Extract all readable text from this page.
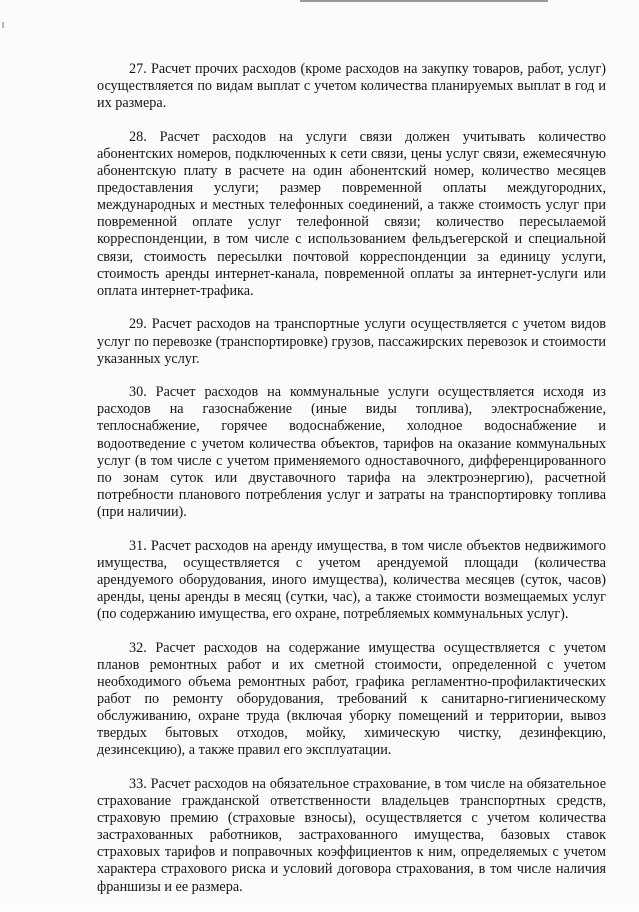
27. Расчет прочих расходов (кроме расходов на закупку товаров, работ, услуг) осуществляется по видам выплат с учетом количества планируемых выплат в год и их размера.

28. Расчет расходов на услуги связи должен учитывать количество абонентских номеров, подключенных к сети связи, цены услуг связи, ежемесячную абонентскую плату в расчете на один абонентский номер, количество месяцев предоставления услуги; размер повременной оплаты междугородних, международных и местных телефонных соединений, а также стоимость услуг при повременной оплате услуг телефонной связи; количество пересылаемой корреспонденции, в том числе с использованием фельдъегерской и специальной связи, стоимость пересылки почтовой корреспонденции за единицу услуги, стоимость аренды интернет-канала, повременной оплаты за интернет-услуги или оплата интернет-трафика.

29. Расчет расходов на транспортные услуги осуществляется с учетом видов услуг по перевозке (транспортировке) грузов, пассажирских перевозок и стоимости указанных услуг.

30. Расчет расходов на коммунальные услуги осуществляется исходя из расходов на газоснабжение (иные виды топлива), электроснабжение, теплоснабжение, горячее водоснабжение, холодное водоснабжение и водоотведение с учетом количества объектов, тарифов на оказание коммунальных услуг (в том числе с учетом применяемого одноставочного, дифференцированного по зонам суток или двуставочного тарифа на электроэнергию), расчетной потребности планового потребления услуг и затраты на транспортировку топлива (при наличии).

31. Расчет расходов на аренду имущества, в том числе объектов недвижимого имущества, осуществляется с учетом арендуемой площади (количества арендуемого оборудования, иного имущества), количества месяцев (суток, часов) аренды, цены аренды в месяц (сутки, час), а также стоимости возмещаемых услуг (по содержанию имущества, его охране, потребляемых коммунальных услуг).

32. Расчет расходов на содержание имущества осуществляется с учетом планов ремонтных работ и их сметной стоимости, определенной с учетом необходимого объема ремонтных работ, графика регламентно-профилактических работ по ремонту оборудования, требований к санитарно-гигиеническому обслуживанию, охране труда (включая уборку помещений и территории, вывоз твердых бытовых отходов, мойку, химическую чистку, дезинфекцию, дезинсекцию), а также правил его эксплуатации.

33. Расчет расходов на обязательное страхование, в том числе на обязательное страхование гражданской ответственности владельцев транспортных средств, страховую премию (страховые взносы), осуществляется с учетом количества застрахованных работников, застрахованного имущества, базовых ставок страховых тарифов и поправочных коэффициентов к ним, определяемых с учетом характера страхового риска и условий договора страхования, в том числе наличия франшизы и ее размера.
